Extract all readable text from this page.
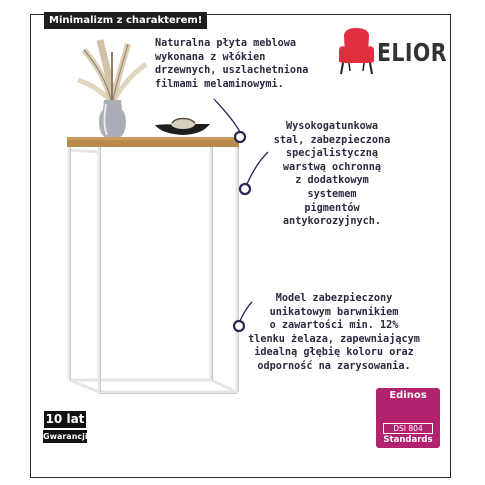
Minimalizm z charakterem!
ELIOR
Naturalna płyta meblowa
wykonana z włókien
drzewnych, uszlachetniona
filmami melaminowymi.
Wysokogatunkowa
stal, zabezpieczona
specjalistyczną
warstwą ochronną
z dodatkowym
systemem
pigmentów
antykorozyjnych.
Model zabezpieczony
unikatowym barwnikiem
o zawartości min. 12%
tlenku żelaza, zapewniającym
idealną głębię koloru oraz
odporność na zarysowania.
10 lat
Gwarancji
Edinos
DSI 804
Standards
